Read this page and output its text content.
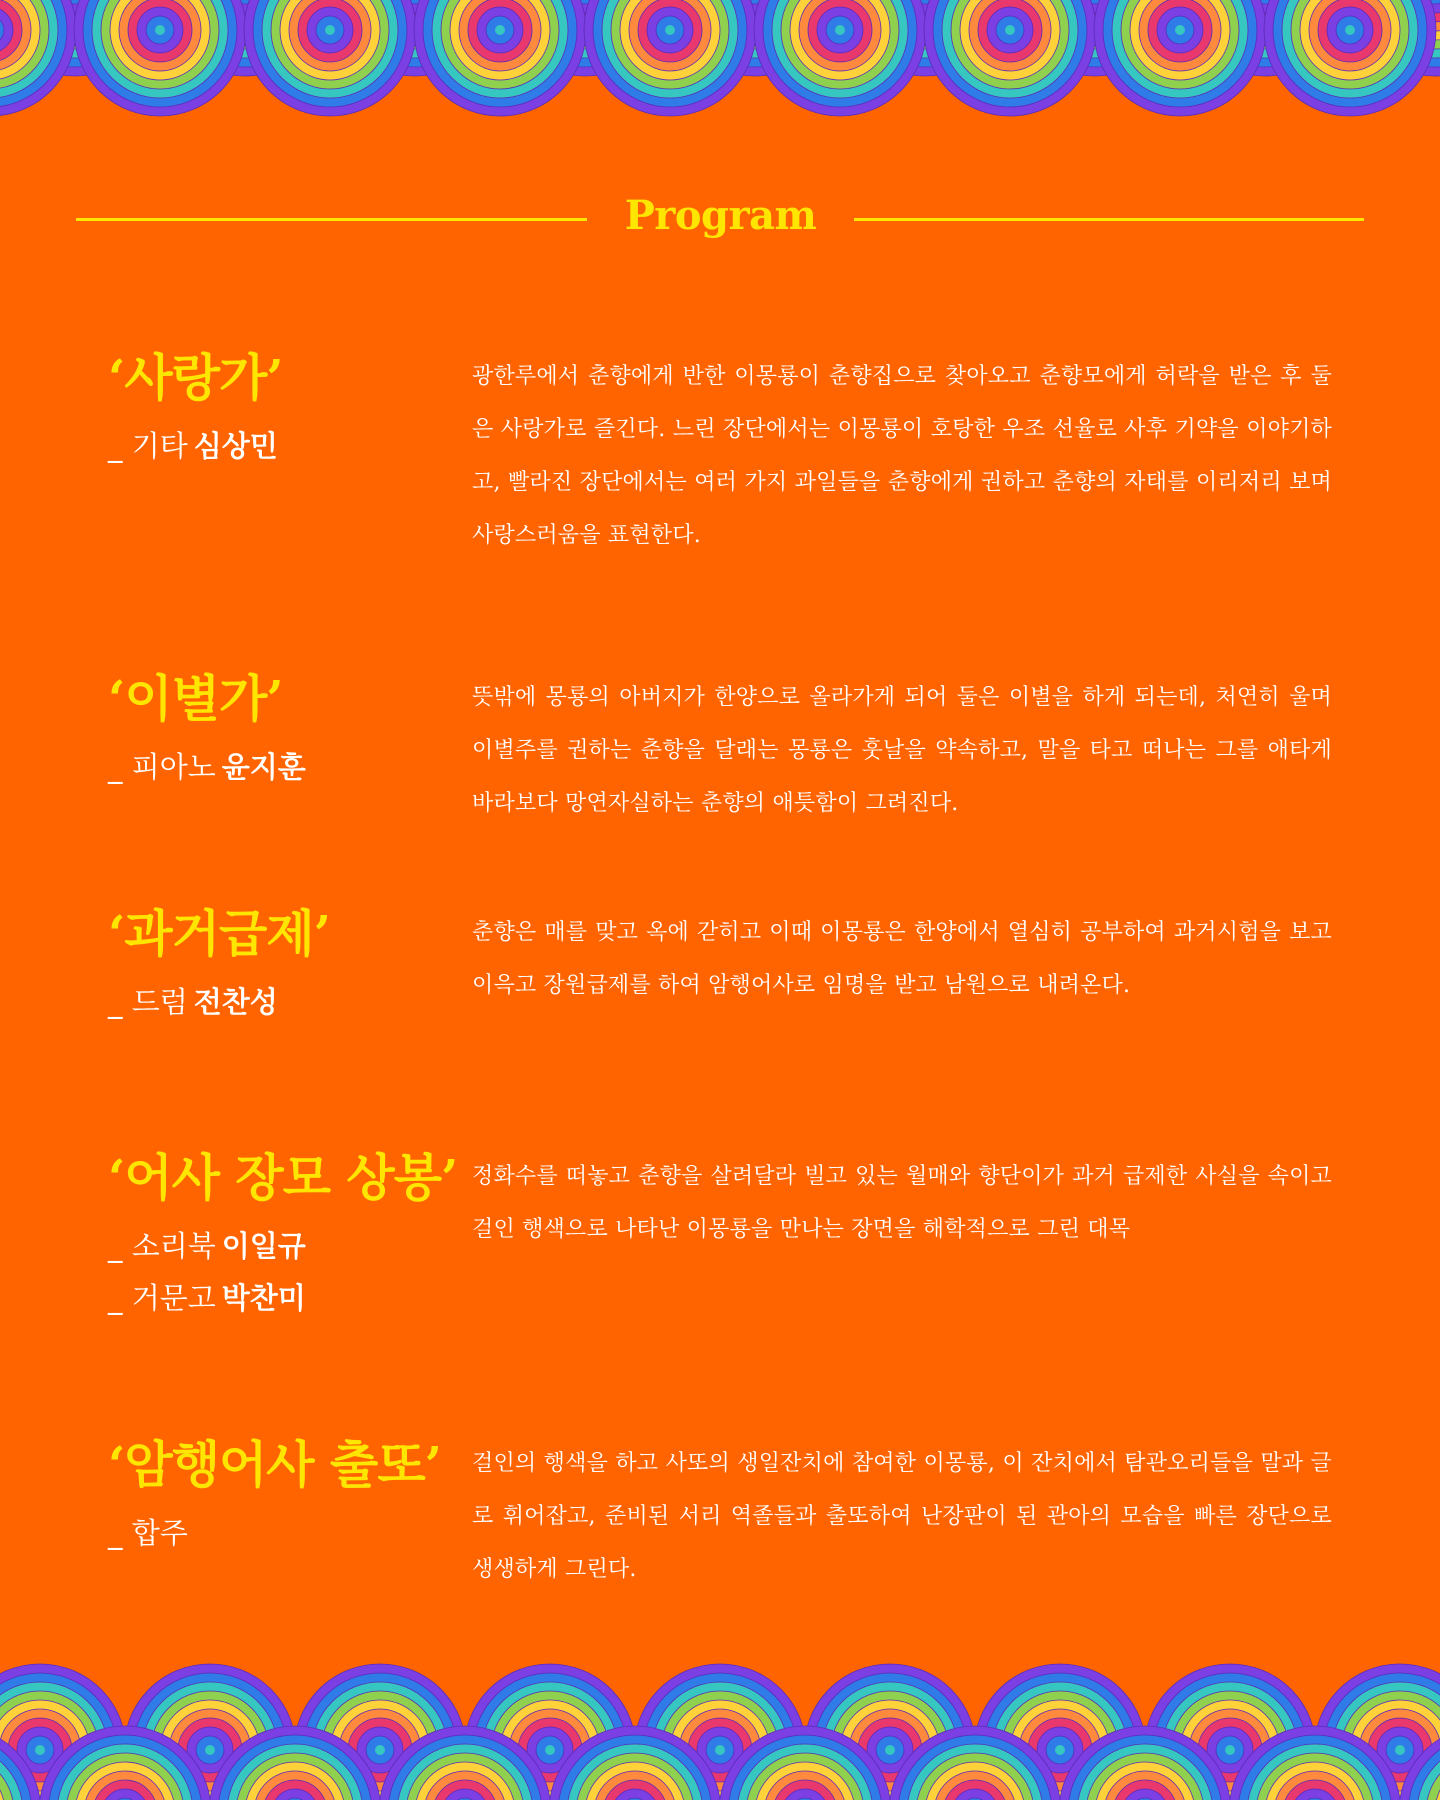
Program
‘사랑가’
_ 기타 심상민

광한루에서 춘향에게 반한 이몽룡이 춘향집으로 찾아오고 춘향모에게 허락을 받은 후 둘은 사랑가로 즐긴다. 느린 장단에서는 이몽룡이 호탕한 우조 선율로 사후 기약을 이야기하고, 빨라진 장단에서는 여러 가지 과일들을 춘향에게 권하고 춘향의 자태를 이리저리 보며 사랑스러움을 표현한다.

‘이별가’
_ 피아노 윤지훈

뜻밖에 몽룡의 아버지가 한양으로 올라가게 되어 둘은 이별을 하게 되는데, 처연히 울며 이별주를 권하는 춘향을 달래는 몽룡은 훗날을 약속하고, 말을 타고 떠나는 그를 애타게 바라보다 망연자실하는 춘향의 애틋함이 그려진다.

‘과거급제’
_ 드럼 전찬성

춘향은 매를 맞고 옥에 갇히고 이때 이몽룡은 한양에서 열심히 공부하여 과거시험을 보고 이윽고 장원급제를 하여 암행어사로 임명을 받고 남원으로 내려온다.

‘어사 장모 상봉’
_ 소리북 이일규
_ 거문고 박찬미

정화수를 떠놓고 춘향을 살려달라 빌고 있는 월매와 향단이가 과거 급제한 사실을 속이고 걸인 행색으로 나타난 이몽룡을 만나는 장면을 해학적으로 그린 대목

‘암행어사 출또’
_ 합주

걸인의 행색을 하고 사또의 생일잔치에 참여한 이몽룡, 이 잔치에서 탐관오리들을 말과 글로 휘어잡고, 준비된 서리 역졸들과 출또하여 난장판이 된 관아의 모습을 빠른 장단으로 생생하게 그린다.
